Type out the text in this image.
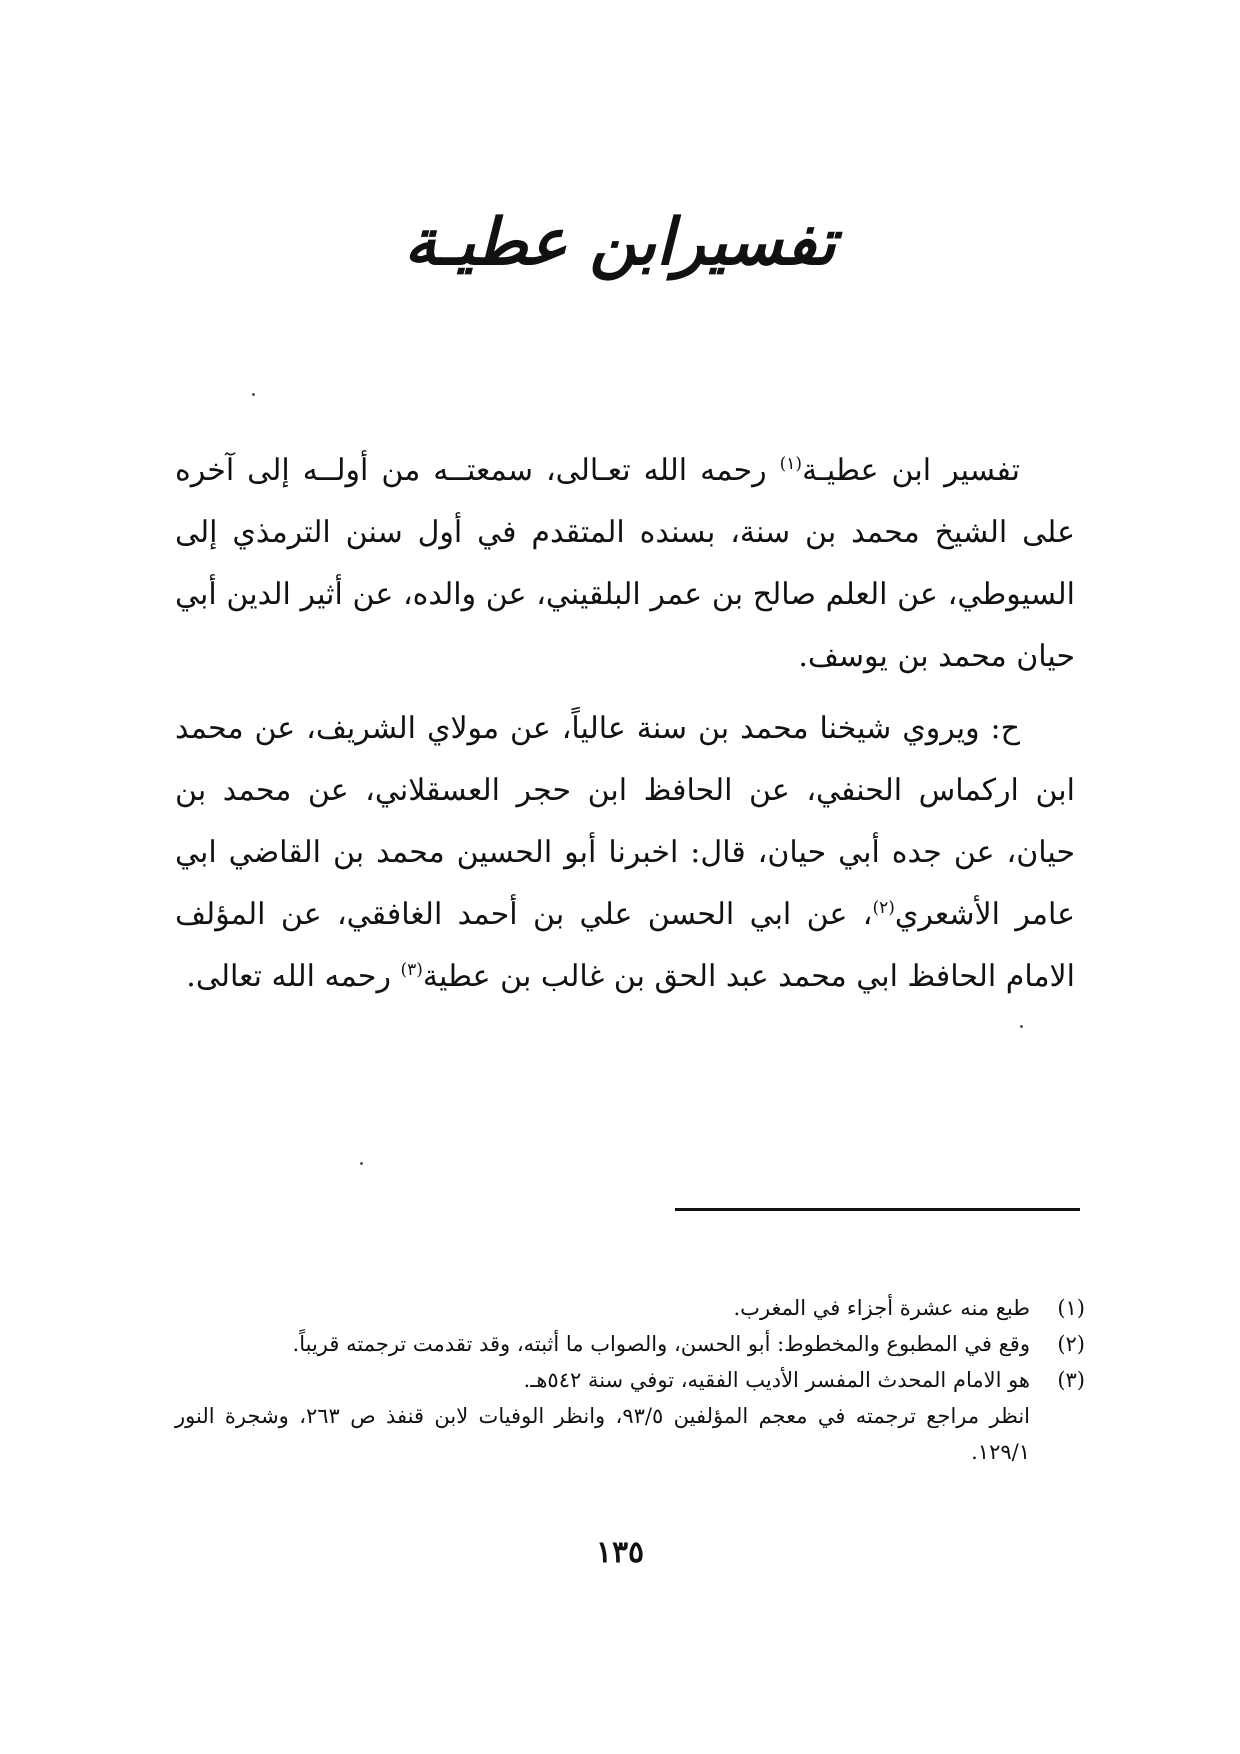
تفسيرابن عطيـة

تفسير ابن عطيـة$^{(١)}$ رحمه الله تعـالى، سمعتــه من أولــه إلى آخره على الشيخ محمد بن سنة، بسنده المتقدم في أول سنن الترمذي إلى السيوطي، عن العلم صالح بن عمر البلقيني، عن والده، عن أثير الدين أبي حيان محمد بن يوسف.

ح: ويروي شيخنا محمد بن سنة عالياً، عن مولاي الشريف، عن محمد ابن اركماس الحنفي، عن الحافظ ابن حجر العسقلاني، عن محمد بن حيان، عن جده أبي حيان، قال: اخبرنا أبو الحسين محمد بن القاضي ابي عامر الأشعري$^{(٢)}$، عن ابي الحسن علي بن أحمد الغافقي، عن المؤلف الامام الحافظ ابي محمد عبد الحق بن غالب بن عطية$^{(٣)}$ رحمه الله تعالى.

(١)
طبع منه عشرة أجزاء في المغرب.
(٢)
وقع في المطبوع والمخطوط: أبو الحسن، والصواب ما أثبته، وقد تقدمت ترجمته قريباً.
(٣)
هو الامام المحدث المفسر الأديب الفقيه، توفي سنة ٥٤٢هـ.
انظر مراجع ترجمته في معجم المؤلفين ٩٣/٥، وانظر الوفيات لابن قنفذ ص ٢٦٣، وشجرة النور ١٢٩/١.
١٣٥
